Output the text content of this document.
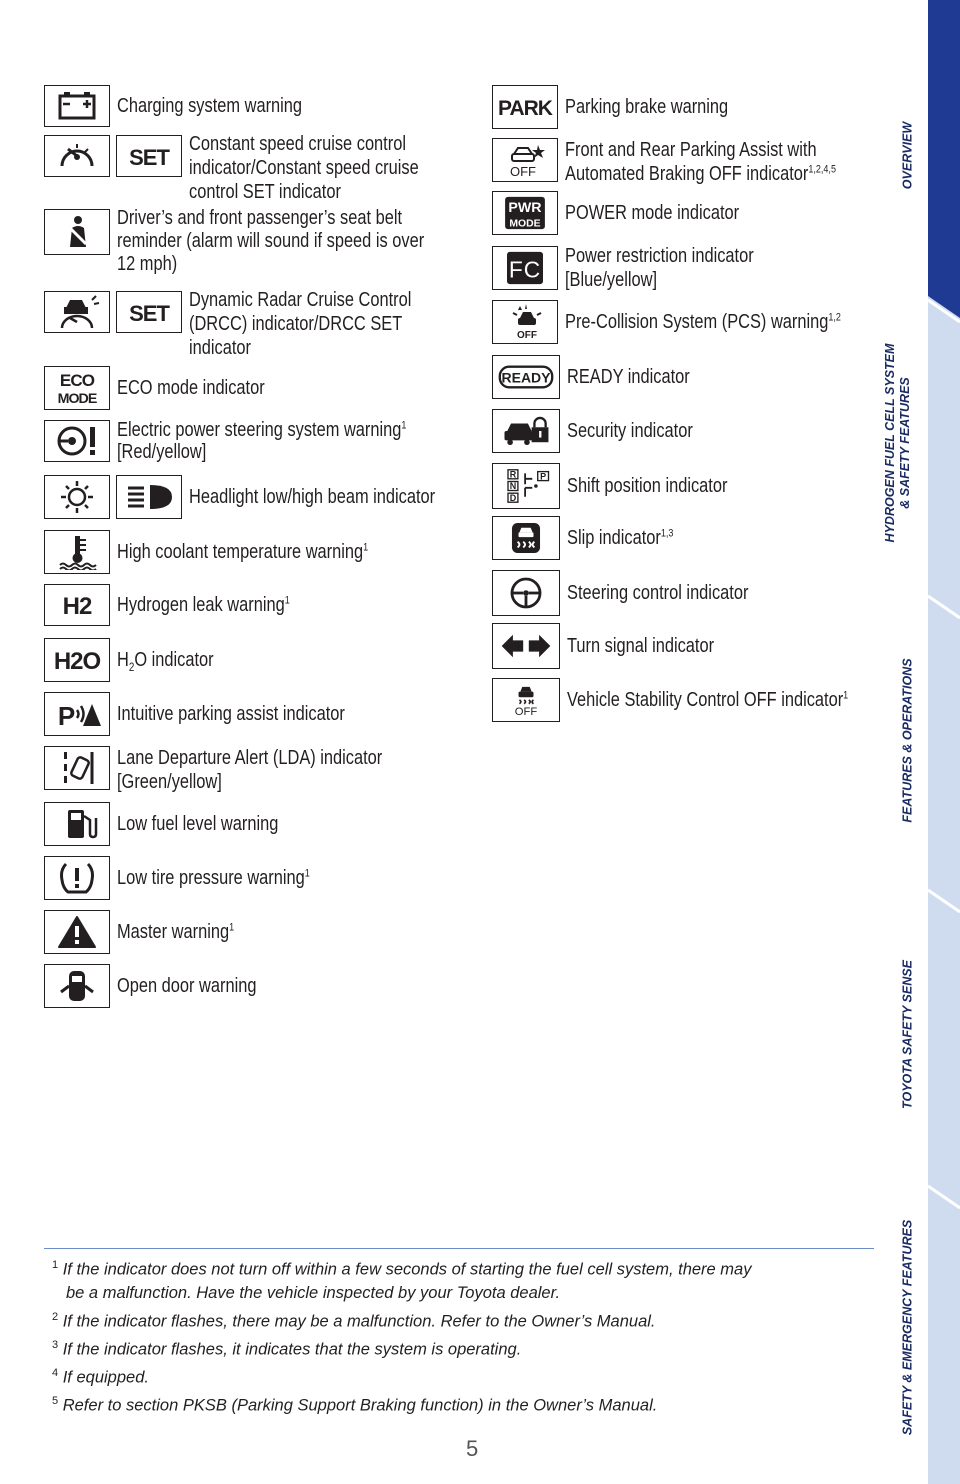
Charging system warning
SET
Constant speed cruise control
indicator/Constant speed cruise
control SET indicator
Driver’s and front passenger’s seat belt
reminder (alarm will sound if speed is over
12 mph)
SET
Dynamic Radar Cruise Control
(DRCC) indicator/DRCC SET
indicator
ECO
MODE
ECO mode indicator
Electric power steering system warning$^1$
[Red/yellow]
Headlight low/high beam indicator
High coolant temperature warning$^1$
H2 Hydrogen leak warning$^1$
H2O $H_2O$ indicator
P Intuitive parking assist indicator
Lane Departure Alert (LDA) indicator
[Green/yellow]
Low fuel level warning
Low tire pressure warning$^1$
Master warning$^1$
Open door warning
PARK Parking brake warning
OFF
Front and Rear Parking Assist with
Automated Braking OFF indicator$^{1,2,4,5}$
PWR
MODE POWER mode indicator
FC
Power restriction indicator
[Blue/yellow]
OFF
Pre-Collision System (PCS) warning$^{1,2}$
READY READY indicator
Security indicator
R
N
D
P Shift position indicator
Slip indicator$^{1,3}$
Steering control indicator
Turn signal indicator
OFF
Vehicle Stability Control OFF indicator$^1$
$^1$ If the indicator does not turn off within a few seconds of starting the fuel cell system, there may
be a malfunction. Have the vehicle inspected by your Toyota dealer.
$^2$ If the indicator flashes, there may be a malfunction. Refer to the Owner’s Manual.
$^3$ If the indicator flashes, it indicates that the system is operating.
$^4$ If equipped.
$^5$ Refer to section PKSB (Parking Support Braking function) in the Owner’s Manual.
5
OVERVIEW
HYDROGEN FUEL CELL SYSTEM & SAFETY FEATURES
FEATURES & OPERATIONS
TOYOTA SAFETY SENSE
SAFETY & EMERGENCY FEATURES
